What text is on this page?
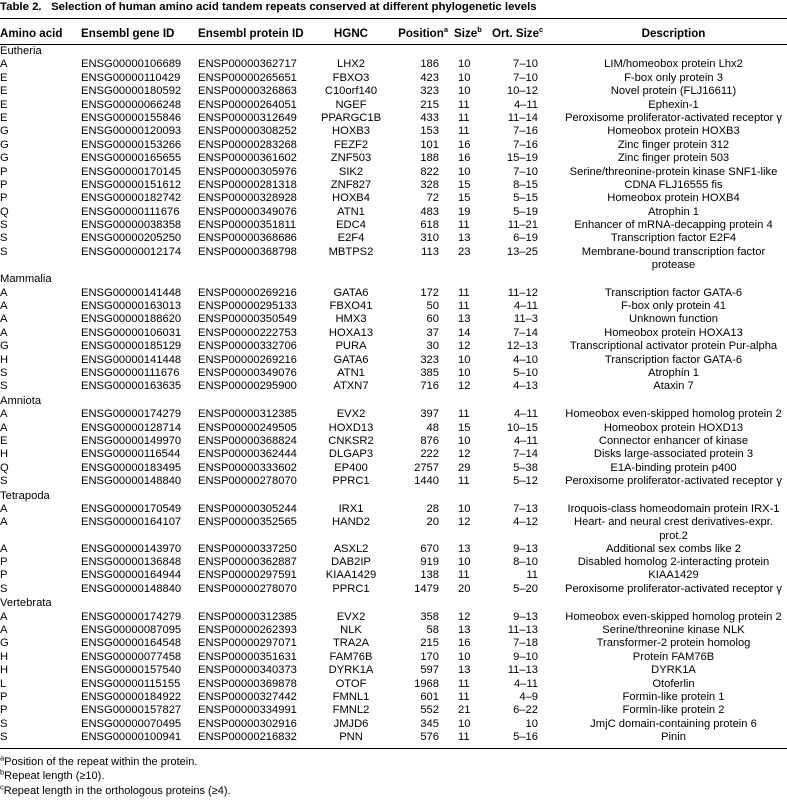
Table 2. Selection of human amino acid tandem repeats conserved at different phylogenetic levels
Amino acid	Ensembl gene ID	Ensembl protein ID	HGNC	Position$^a$	Size$^b$	Ort. Size$^c$	Description
Eutheria							
A	ENSG00000106689	ENSP00000362717	LHX2	186	10	7–10	LIM/homeobox protein Lhx2
E	ENSG00000110429	ENSP00000265651	FBXO3	423	10	7–10	F-box only protein 3
E	ENSG00000180592	ENSP00000326863	C10orf140	323	10	10–12	Novel protein (FLJ16611)
E	ENSG00000066248	ENSP00000264051	NGEF	215	11	4–11	Ephexin-1
E	ENSG00000155846	ENSP00000312649	PPARGC1B	433	11	11–14	Peroxisome proliferator-activated receptor γ
G	ENSG00000120093	ENSP00000308252	HOXB3	153	11	7–16	Homeobox protein HOXB3
G	ENSG00000153266	ENSP00000283268	FEZF2	101	16	7–16	Zinc finger protein 312
G	ENSG00000165655	ENSP00000361602	ZNF503	188	16	15–19	Zinc finger protein 503
P	ENSG00000170145	ENSP00000305976	SIK2	822	10	7–10	Serine/threonine-protein kinase SNF1-like
P	ENSG00000151612	ENSP00000281318	ZNF827	328	15	8–15	CDNA FLJ16555 fis
P	ENSG00000182742	ENSP00000328928	HOXB4	72	15	5–15	Homeobox protein HOXB4
Q	ENSG00000111676	ENSP00000349076	ATN1	483	19	5–19	Atrophin 1
S	ENSG00000038358	ENSP00000351811	EDC4	618	11	11–21	Enhancer of mRNA-decapping protein 4
S	ENSG00000205250	ENSP00000368686	E2F4	310	13	6–19	Transcription factor E2F4
S	ENSG00000012174	ENSP00000368798	MBTPS2	113	23	13–25	Membrane-bound transcription factor protease
Mammalia							
A	ENSG00000141448	ENSP00000269216	GATA6	172	11	11–12	Transcription factor GATA-6
A	ENSG00000163013	ENSP00000295133	FBXO41	50	11	4–11	F-box only protein 41
A	ENSG00000188620	ENSP00000350549	HMX3	60	13	11–3	Unknown function
A	ENSG00000106031	ENSP00000222753	HOXA13	37	14	7–14	Homeobox protein HOXA13
G	ENSG00000185129	ENSP00000332706	PURA	30	12	12–13	Transcriptional activator protein Pur-alpha
H	ENSG00000141448	ENSP00000269216	GATA6	323	10	4–10	Transcription factor GATA-6
S	ENSG00000111676	ENSP00000349076	ATN1	385	10	5–10	Atrophin 1
S	ENSG00000163635	ENSP00000295900	ATXN7	716	12	4–13	Ataxin 7
Amniota							
A	ENSG00000174279	ENSP00000312385	EVX2	397	11	4–11	Homeobox even-skipped homolog protein 2
A	ENSG00000128714	ENSP00000249505	HOXD13	48	15	10–15	Homeobox protein HOXD13
E	ENSG00000149970	ENSP00000368824	CNKSR2	876	10	4–11	Connector enhancer of kinase
H	ENSG00000116544	ENSP00000362444	DLGAP3	222	12	7–14	Disks large-associated protein 3
Q	ENSG00000183495	ENSP00000333602	EP400	2757	29	5–38	E1A-binding protein p400
S	ENSG00000148840	ENSP00000278070	PPRC1	1440	11	5–12	Peroxisome proliferator-activated receptor γ
Tetrapoda							
A	ENSG00000170549	ENSP00000305244	IRX1	28	10	7–13	Iroquois-class homeodomain protein IRX-1
A	ENSG00000164107	ENSP00000352565	HAND2	20	12	4–12	Heart- and neural crest derivatives-expr. prot.2
A	ENSG00000143970	ENSP00000337250	ASXL2	670	13	9–13	Additional sex combs like 2
P	ENSG00000136848	ENSP00000362887	DAB2IP	919	10	8–10	Disabled homolog 2-interacting protein
P	ENSG00000164944	ENSP00000297591	KIAA1429	138	11	11	KIAA1429
S	ENSG00000148840	ENSP00000278070	PPRC1	1479	20	5–20	Peroxisome proliferator-activated receptor γ
Vertebrata							
A	ENSG00000174279	ENSP00000312385	EVX2	358	12	9–13	Homeobox even-skipped homolog protein 2
A	ENSG00000087095	ENSP00000262393	NLK	58	13	11–13	Serine/threonine kinase NLK
G	ENSG00000164548	ENSP00000297071	TRA2A	215	16	7–18	Transformer-2 protein homolog
H	ENSG00000077458	ENSP00000351631	FAM76B	170	10	9–10	Protein FAM76B
H	ENSG00000157540	ENSP00000340373	DYRK1A	597	13	11–13	DYRK1A
L	ENSG00000115155	ENSP00000369878	OTOF	1968	11	4–11	Otoferlin
P	ENSG00000184922	ENSP00000327442	FMNL1	601	11	4–9	Formin-like protein 1
P	ENSG00000157827	ENSP00000334991	FMNL2	552	21	6–22	Formin-like protein 2
S	ENSG00000070495	ENSP00000302916	JMJD6	345	10	10	JmjC domain-containing protein 6
S	ENSG00000100941	ENSP00000216832	PNN	576	11	5–16	Pinin
$^a$Position of the repeat within the protein.
$^b$Repeat length (≥10).
$^c$Repeat length in the orthologous proteins (≥4).
